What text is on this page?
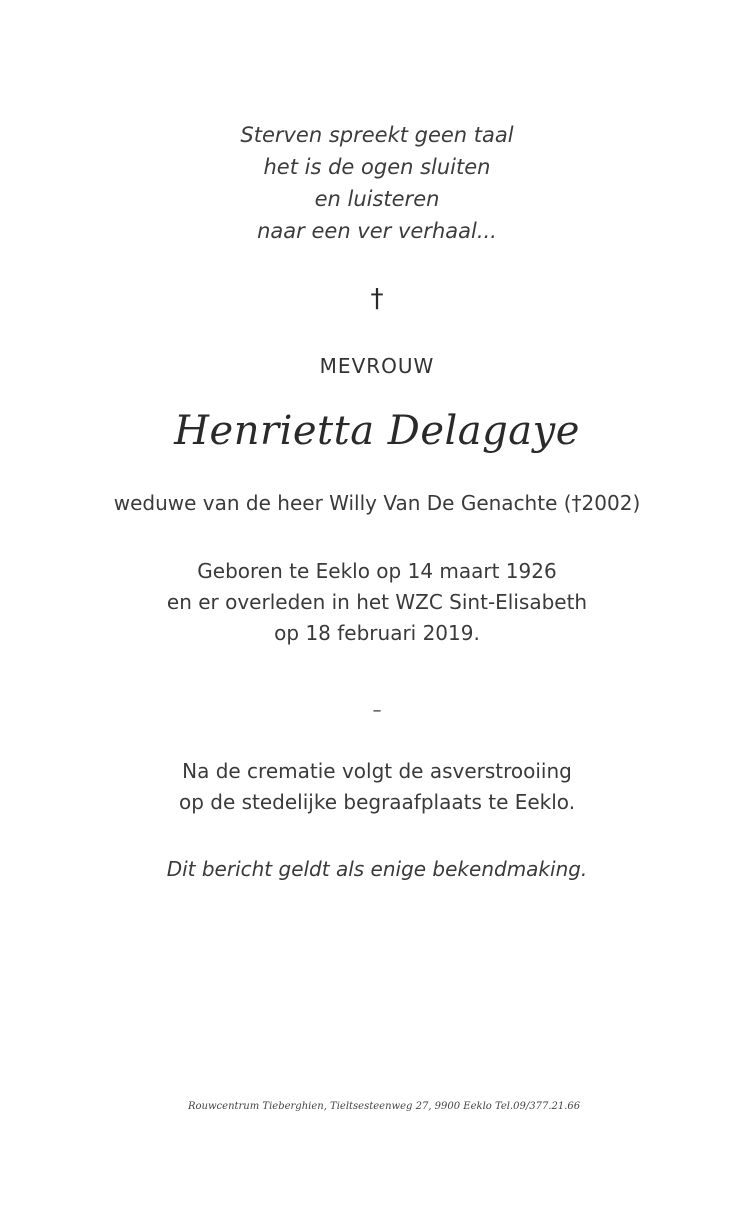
Sterven spreekt geen taal
het is de ogen sluiten
en luisteren
naar een ver verhaal...
†
MEVROUW
Henrietta Delagaye
weduwe van de heer Willy Van De Genachte (†2002)
Geboren te Eeklo op 14 maart 1926
en er overleden in het WZC Sint-Elisabeth
op 18 februari 2019.
–
Na de crematie volgt de asverstrooiing
op de stedelijke begraafplaats te Eeklo.
Dit bericht geldt als enige bekendmaking.
Rouwcentrum Tieberghien, Tieltsesteenweg 27, 9900 Eeklo Tel.09/377.21.66
